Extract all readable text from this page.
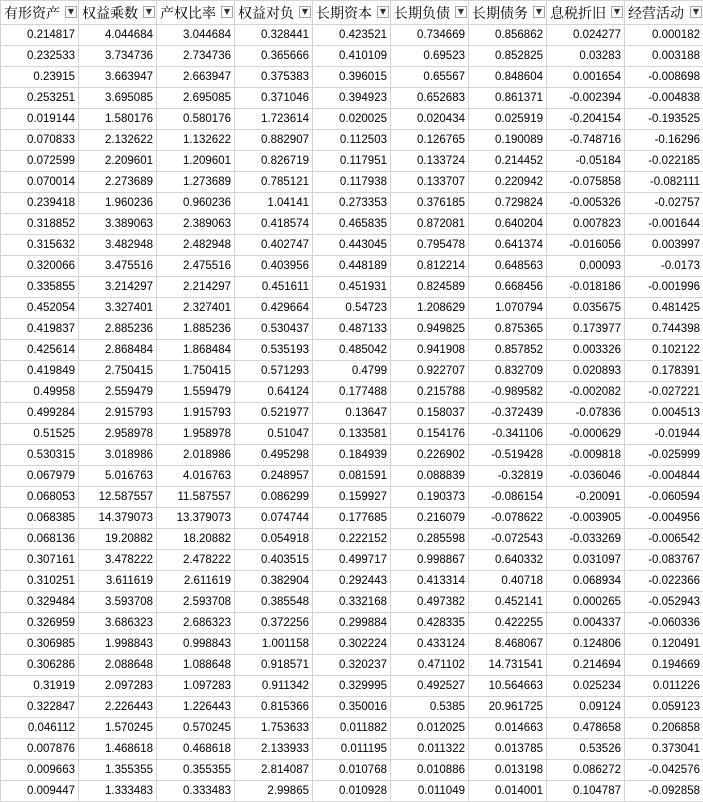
有形资产 ▼	权益乘数 ▼	产权比率 ▼	权益对负 ▼	长期资本 ▼	长期负债 ▼	长期债务 ▼	息税折旧 ▼	经营活动 ▼

0.214817	4.044684	3.044684	0.328441	0.423521	0.734669	0.856862	0.024277	0.000182
0.232533	3.734736	2.734736	0.365666	0.410109	0.69523	0.852825	0.03283	0.003188
0.23915	3.663947	2.663947	0.375383	0.396015	0.65567	0.848604	0.001654	-0.008698
0.253251	3.695085	2.695085	0.371046	0.394923	0.652683	0.861371	-0.002394	-0.004838
0.019144	1.580176	0.580176	1.723614	0.020025	0.020434	0.025919	-0.204154	-0.193525
0.070833	2.132622	1.132622	0.882907	0.112503	0.126765	0.190089	-0.748716	-0.16296
0.072599	2.209601	1.209601	0.826719	0.117951	0.133724	0.214452	-0.05184	-0.022185
0.070014	2.273689	1.273689	0.785121	0.117938	0.133707	0.220942	-0.075858	-0.082111
0.239418	1.960236	0.960236	1.04141	0.273353	0.376185	0.729824	-0.005326	-0.02757
0.318852	3.389063	2.389063	0.418574	0.465835	0.872081	0.640204	0.007823	-0.001644
0.315632	3.482948	2.482948	0.402747	0.443045	0.795478	0.641374	-0.016056	0.003997
0.320066	3.475516	2.475516	0.403956	0.448189	0.812214	0.648563	0.00093	-0.0173
0.335855	3.214297	2.214297	0.451611	0.451931	0.824589	0.668456	-0.018186	-0.001996
0.452054	3.327401	2.327401	0.429664	0.54723	1.208629	1.070794	0.035675	0.481425
0.419837	2.885236	1.885236	0.530437	0.487133	0.949825	0.875365	0.173977	0.744398
0.425614	2.868484	1.868484	0.535193	0.485042	0.941908	0.857852	0.003326	0.102122
0.419849	2.750415	1.750415	0.571293	0.4799	0.922707	0.832709	0.020893	0.178391
0.49958	2.559479	1.559479	0.64124	0.177488	0.215788	-0.989582	-0.002082	-0.027221
0.499284	2.915793	1.915793	0.521977	0.13647	0.158037	-0.372439	-0.07836	0.004513
0.51525	2.958978	1.958978	0.51047	0.133581	0.154176	-0.341106	-0.000629	-0.01944
0.530315	3.018986	2.018986	0.495298	0.184939	0.226902	-0.519428	-0.009818	-0.025999
0.067979	5.016763	4.016763	0.248957	0.081591	0.088839	-0.32819	-0.036046	-0.004844
0.068053	12.587557	11.587557	0.086299	0.159927	0.190373	-0.086154	-0.20091	-0.060594
0.068385	14.379073	13.379073	0.074744	0.177685	0.216079	-0.078622	-0.003905	-0.004956
0.068136	19.20882	18.20882	0.054918	0.222152	0.285598	-0.072543	-0.033269	-0.006542
0.307161	3.478222	2.478222	0.403515	0.499717	0.998867	0.640332	0.031097	-0.083767
0.310251	3.611619	2.611619	0.382904	0.292443	0.413314	0.40718	0.068934	-0.022366
0.329484	3.593708	2.593708	0.385548	0.332168	0.497382	0.452141	0.000265	-0.052943
0.326959	3.686323	2.686323	0.372256	0.299884	0.428335	0.422255	0.004337	-0.060336
0.306985	1.998843	0.998843	1.001158	0.302224	0.433124	8.468067	0.124806	0.120491
0.306286	2.088648	1.088648	0.918571	0.320237	0.471102	14.731541	0.214694	0.194669
0.31919	2.097283	1.097283	0.911342	0.329995	0.492527	10.564663	0.025234	0.011226
0.322847	2.226443	1.226443	0.815366	0.350016	0.5385	20.961725	0.09124	0.059123
0.046112	1.570245	0.570245	1.753633	0.011882	0.012025	0.014663	0.478658	0.206858
0.007876	1.468618	0.468618	2.133933	0.011195	0.011322	0.013785	0.53526	0.373041
0.009663	1.355355	0.355355	2.814087	0.010768	0.010886	0.013198	0.086272	-0.042576
0.009447	1.333483	0.333483	2.99865	0.010928	0.011049	0.014001	0.104787	-0.092858
